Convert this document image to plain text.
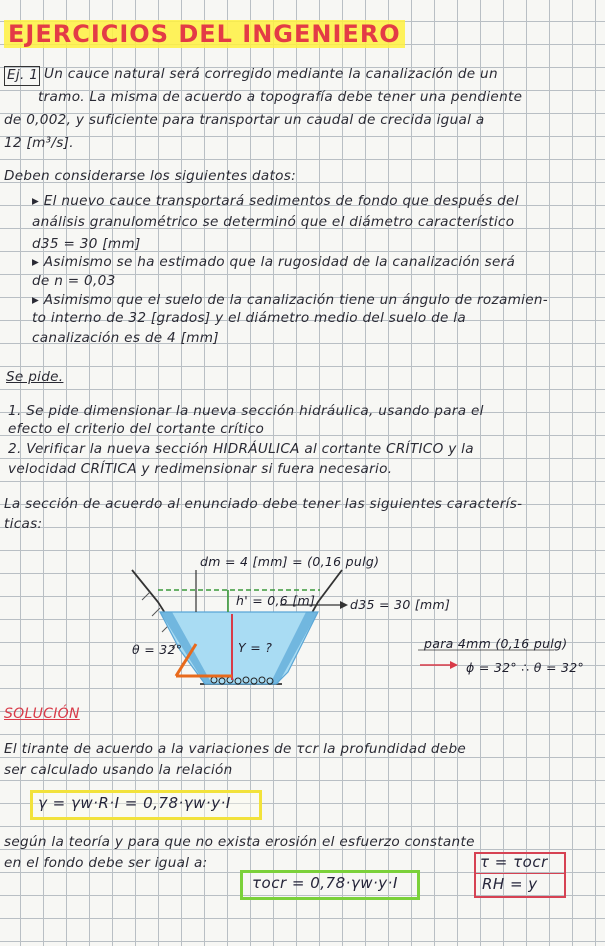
EJERCICIOS DEL INGENIERO
Ej. 1 Un cauce natural será corregido mediante la canalización de un
tramo. La misma de acuerdo a topografía debe tener una pendiente
de 0,002, y suficiente para transportar un caudal de crecida igual a
12 [m³/s].
Deben considerarse los siguientes datos:
▸ El nuevo cauce transportará sedimentos de fondo que después del
análisis granulométrico se determinó que el diámetro característico
d35 = 30 [mm]
▸ Asimismo se ha estimado que la rugosidad de la canalización será
de n = 0,03
▸ Asimismo que el suelo de la canalización tiene un ángulo de rozamien-
to interno de 32 [grados] y el diámetro medio del suelo de la
canalización es de 4 [mm]
Se pide.
1. Se pide dimensionar la nueva sección hidráulica, usando para el
efecto el criterio del cortante crítico
2. Verificar la nueva sección HIDRÁULICA al cortante CRÍTICO y la
velocidad CRÍTICA y redimensionar si fuera necesario.
La sección de acuerdo al enunciado debe tener las siguientes caracterís-
ticas:
dm = 4 [mm] = (0,16 pulg)
h' = 0,6 [m]	d35 = 30 [mm]
Y = ?
θ = 32°	para 4mm (0,16 pulg)
ɸ = 32° ∴ θ = 32°
SOLUCIÓN
El tirante de acuerdo a la variaciones de τcr la profundidad debe
ser calculado usando la relación
γ = γw·R·I = 0,78·γw·y·I
según la teoría y para que no exista erosión el esfuerzo constante
en el fondo debe ser igual a:
τocr = 0,78·γw·y·I
τ = τocr
RH = y
